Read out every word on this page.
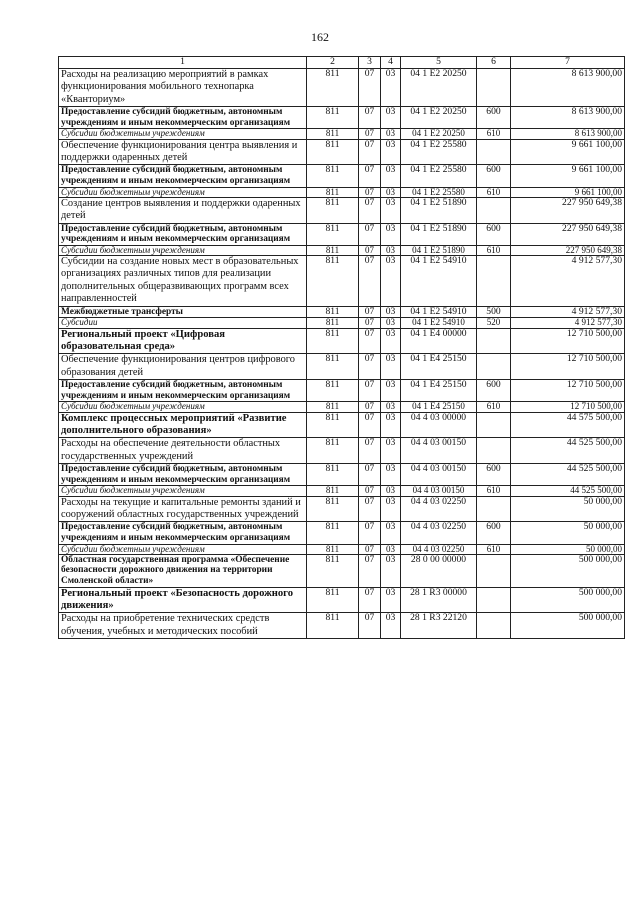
162
1	2	3	4	5	6	7
Расходы на реализацию мероприятий в рамках функционирования мобильного технопарка «Кванториум»	811	07	03	04 1 E2 20250		8 613 900,00
Предоставление субсидий бюджетным, автономным учреждениям и иным некоммерческим организациям	811	07	03	04 1 E2 20250	600	8 613 900,00
Субсидии бюджетным учреждениям	811	07	03	04 1 E2 20250	610	8 613 900,00
Обеспечение функционирования центра выявления и поддержки одаренных детей	811	07	03	04 1 E2 25580		9 661 100,00
Предоставление субсидий бюджетным, автономным учреждениям и иным некоммерческим организациям	811	07	03	04 1 E2 25580	600	9 661 100,00
Субсидии бюджетным учреждениям	811	07	03	04 1 E2 25580	610	9 661 100,00
Создание центров выявления и поддержки одаренных детей	811	07	03	04 1 E2 51890		227 950 649,38
Предоставление субсидий бюджетным, автономным учреждениям и иным некоммерческим организациям	811	07	03	04 1 E2 51890	600	227 950 649,38
Субсидии бюджетным учреждениям	811	07	03	04 1 E2 51890	610	227 950 649,38
Субсидии на создание новых мест в образовательных организациях различных типов для реализации дополнительных общеразвивающих программ всех направленностей	811	07	03	04 1 E2 54910		4 912 577,30
Межбюджетные трансферты	811	07	03	04 1 E2 54910	500	4 912 577,30
Субсидии	811	07	03	04 1 E2 54910	520	4 912 577,30
Региональный проект «Цифровая образовательная среда»	811	07	03	04 1 E4 00000		12 710 500,00
Обеспечение функционирования центров цифрового образования детей	811	07	03	04 1 E4 25150		12 710 500,00
Предоставление субсидий бюджетным, автономным учреждениям и иным некоммерческим организациям	811	07	03	04 1 E4 25150	600	12 710 500,00
Субсидии бюджетным учреждениям	811	07	03	04 1 E4 25150	610	12 710 500,00
Комплекс процессных мероприятий «Развитие дополнительного образования»	811	07	03	04 4 03 00000		44 575 500,00
Расходы на обеспечение деятельности областных государственных учреждений	811	07	03	04 4 03 00150		44 525 500,00
Предоставление субсидий бюджетным, автономным учреждениям и иным некоммерческим организациям	811	07	03	04 4 03 00150	600	44 525 500,00
Субсидии бюджетным учреждениям	811	07	03	04 4 03 00150	610	44 525 500,00
Расходы на текущие и капитальные ремонты зданий и сооружений областных государственных учреждений	811	07	03	04 4 03 02250		50 000,00
Предоставление субсидий бюджетным, автономным учреждениям и иным некоммерческим организациям	811	07	03	04 4 03 02250	600	50 000,00
Субсидии бюджетным учреждениям	811	07	03	04 4 03 02250	610	50 000,00
Областная государственная программа «Обеспечение безопасности дорожного движения на территории Смоленской области»	811	07	03	28 0 00 00000		500 000,00
Региональный проект «Безопасность дорожного движения»	811	07	03	28 1 R3 00000		500 000,00
Расходы на приобретение технических средств обучения, учебных и методических пособий	811	07	03	28 1 R3 22120		500 000,00
